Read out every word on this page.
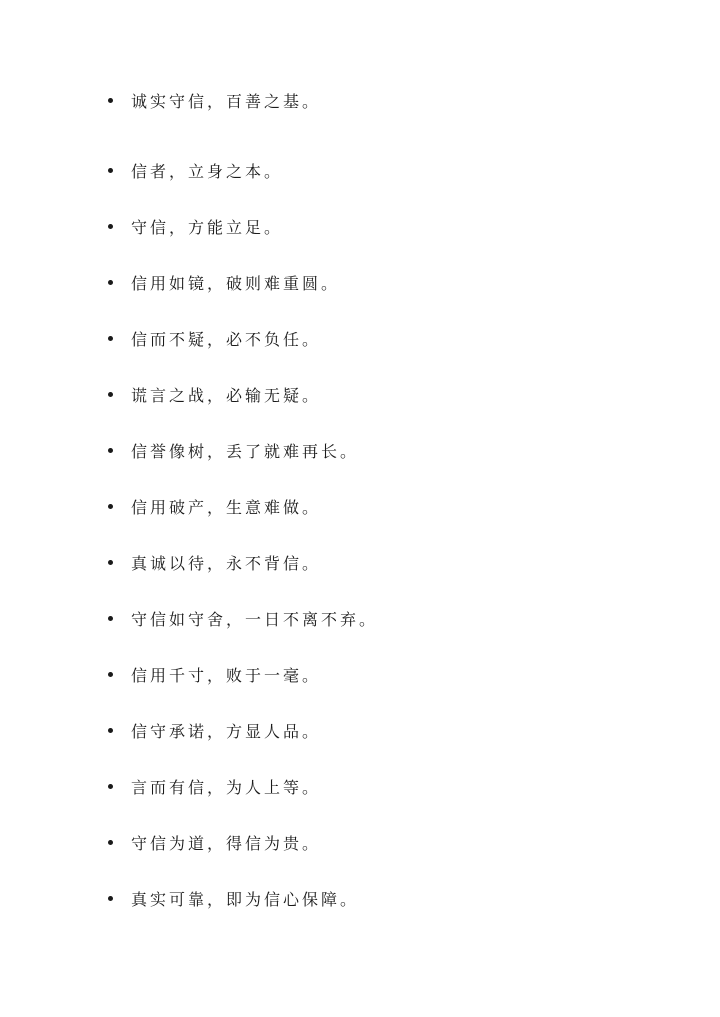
诚实守信，百善之基。
信者，立身之本。
守信，方能立足。
信用如镜，破则难重圆。
信而不疑，必不负任。
谎言之战，必输无疑。
信誉像树，丢了就难再长。
信用破产，生意难做。
真诚以待，永不背信。
守信如守舍，一日不离不弃。
信用千寸，败于一毫。
信守承诺，方显人品。
言而有信，为人上等。
守信为道，得信为贵。
真实可靠，即为信心保障。
